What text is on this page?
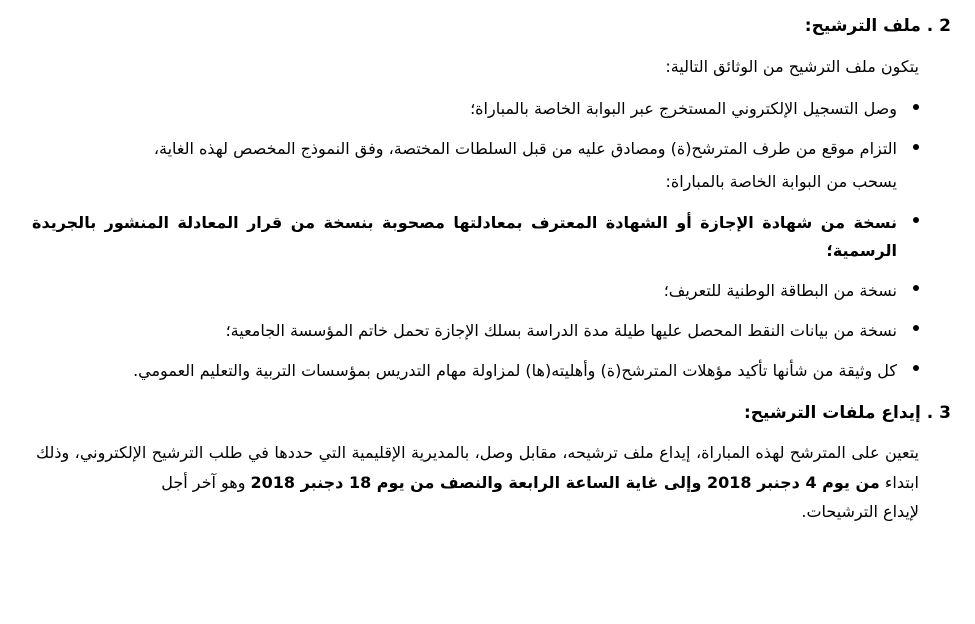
2 . ملف الترشيح:
يتكون ملف الترشيح من الوثائق التالية:
وصل التسجيل الإلكتروني المستخرج عبر البوابة الخاصة بالمباراة؛
التزام موقع من طرف المترشح(ة) ومصادق عليه من قبل السلطات المختصة، وفق النموذج المخصص لهذه الغاية،
يسحب من البوابة الخاصة بالمباراة:
نسخة من شهادة الإجازة أو الشهادة المعترف بمعادلتها مصحوبة بنسخة من قرار المعادلة المنشور بالجريدة الرسمية؛
نسخة من البطاقة الوطنية للتعريف؛
نسخة من بيانات النقط المحصل عليها طيلة مدة الدراسة بسلك الإجازة تحمل خاتم المؤسسة الجامعية؛
كل وثيقة من شأنها تأكيد مؤهلات المترشح(ة) وأهليته(ها) لمزاولة مهام التدريس بمؤسسات التربية والتعليم العمومي.
3 . إيداع ملفات الترشيح:
يتعين على المترشح لهذه المباراة، إيداع ملف ترشيحه، مقابل وصل، بالمديرية الإقليمية التي حددها في طلب الترشيح الإلكتروني، وذلك ابتداء من يوم 4 دجنبر 2018 وإلى غاية الساعة الرابعة والنصف من يوم 18 دجنبر 2018 وهو آخر أجل
لإيداع الترشيحات.
